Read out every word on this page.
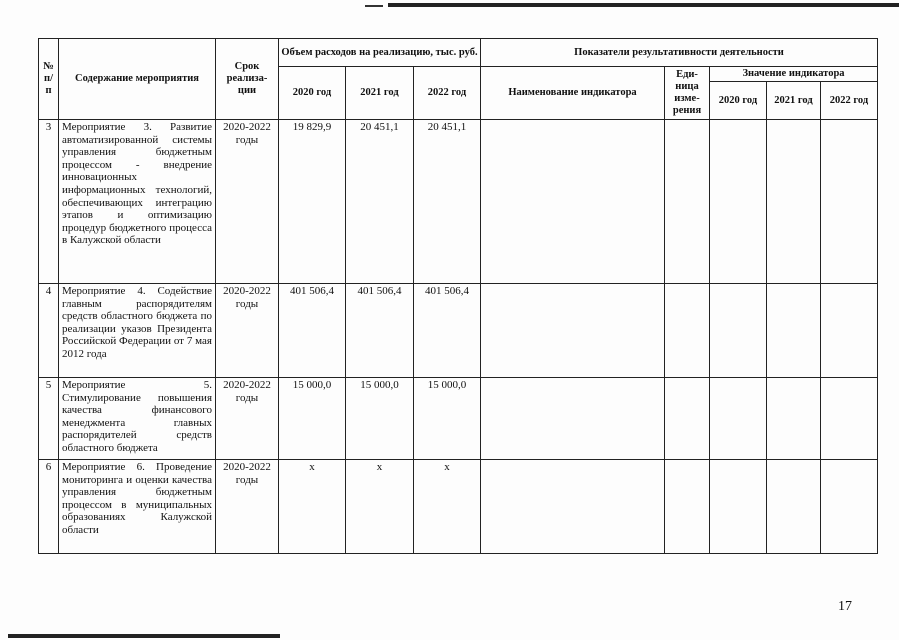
№ п/п	Содержание мероприятия	Срок реализа-ции	Объем расходов на реализацию, тыс. руб.			Показатели результативности деятельности				
			2020 год	2021 год	2022 год	Наименование индикатора	Еди-ница изме-рения	Значение индикатора		
								2020 год	2021 год	2022 год
3	Мероприятие 3. Развитие автоматизированной системы управления бюджетным процессом - внедрение инновационных информационных технологий, обеспечивающих интеграцию этапов и оптимизацию процедур бюджетного процесса в Калужской области	2020-2022 годы	19 829,9	20 451,1	20 451,1					
4	Мероприятие 4. Содействие главным распорядителям средств областного бюджета по реализации указов Президента Российской Федерации от 7 мая 2012 года	2020-2022 годы	401 506,4	401 506,4	401 506,4					
5	Мероприятие 5. Стимулирование повышения качества финансового менеджмента главных распорядителей средств областного бюджета	2020-2022 годы	15 000,0	15 000,0	15 000,0					
6	Мероприятие 6. Проведение мониторинга и оценки качества управления бюджетным процессом в муниципальных образованиях Калужской области	2020-2022 годы	х	х	х					
17
